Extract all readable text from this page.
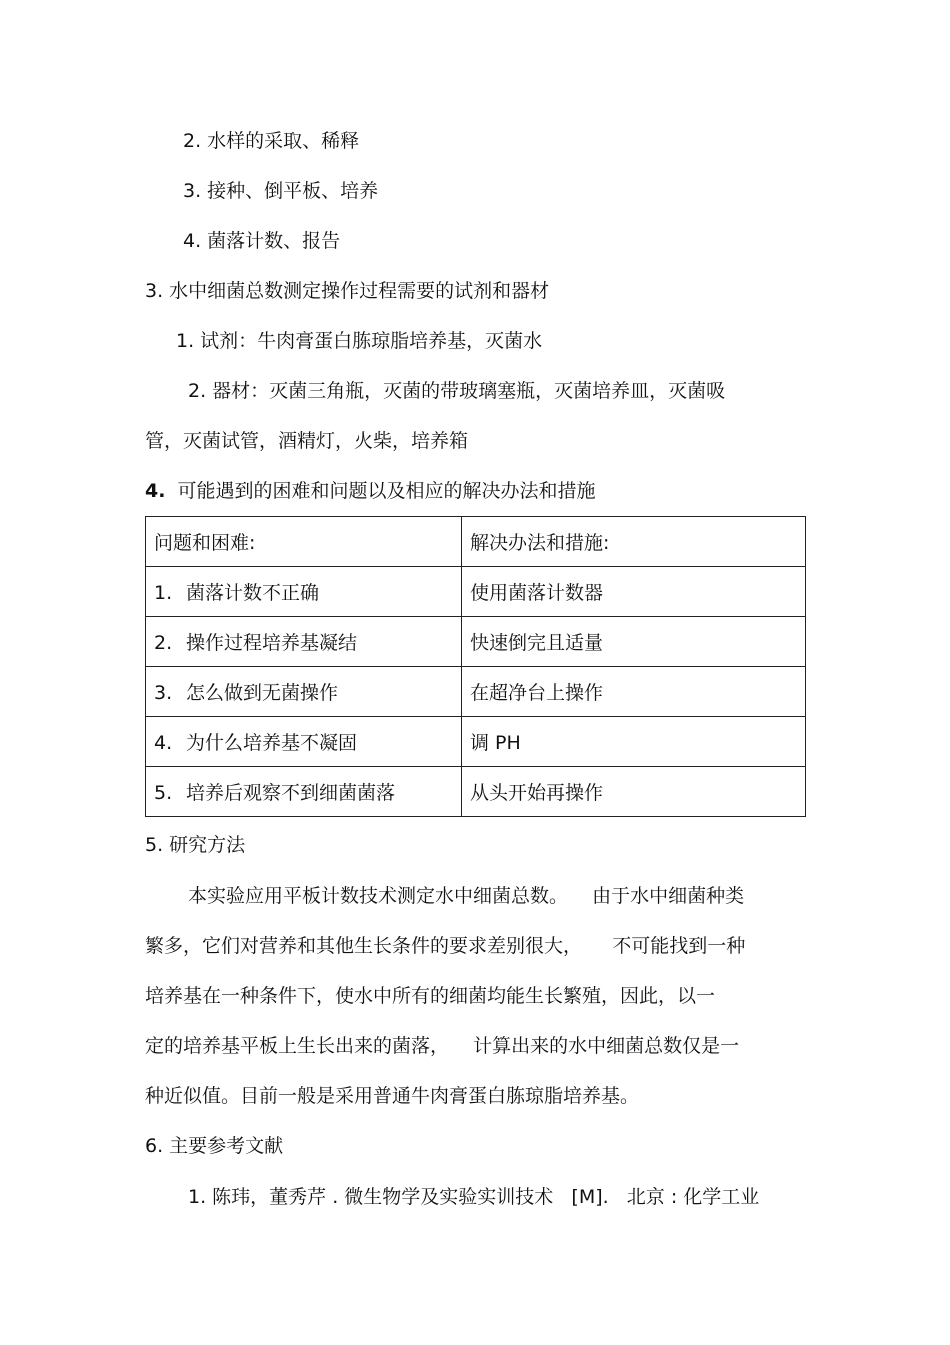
2. 水样的采取、稀释
3. 接种、倒平板、培养
4. 菌落计数、报告
3. 水中细菌总数测定操作过程需要的试剂和器材
1. 试剂：牛肉膏蛋白胨琼脂培养基，灭菌水
2. 器材：灭菌三角瓶，灭菌的带玻璃塞瓶，灭菌培养皿，灭菌吸
管，灭菌试管，酒精灯，火柴，培养箱
4. 可能遇到的困难和问题以及相应的解决办法和措施
问题和困难:	解决办法和措施:
1. 菌落计数不正确	使用菌落计数器
2. 操作过程培养基凝结	快速倒完且适量
3. 怎么做到无菌操作	在超净台上操作
4. 为什么培养基不凝固	调 PH
5. 培养后观察不到细菌菌落	从头开始再操作
5. 研究方法
本实验应用平板计数技术测定水中细菌总数。    由于水中细菌种类
繁多，它们对营养和其他生长条件的要求差别很大，     不可能找到一种
培养基在一种条件下，使水中所有的细菌均能生长繁殖，因此，以一
定的培养基平板上生长出来的菌落，    计算出来的水中细菌总数仅是一
种近似值。目前一般是采用普通牛肉膏蛋白胨琼脂培养基。
6. 主要参考文献
1. 陈玮，董秀芹 . 微生物学及实验实训技术   [M].   北京 : 化学工业
